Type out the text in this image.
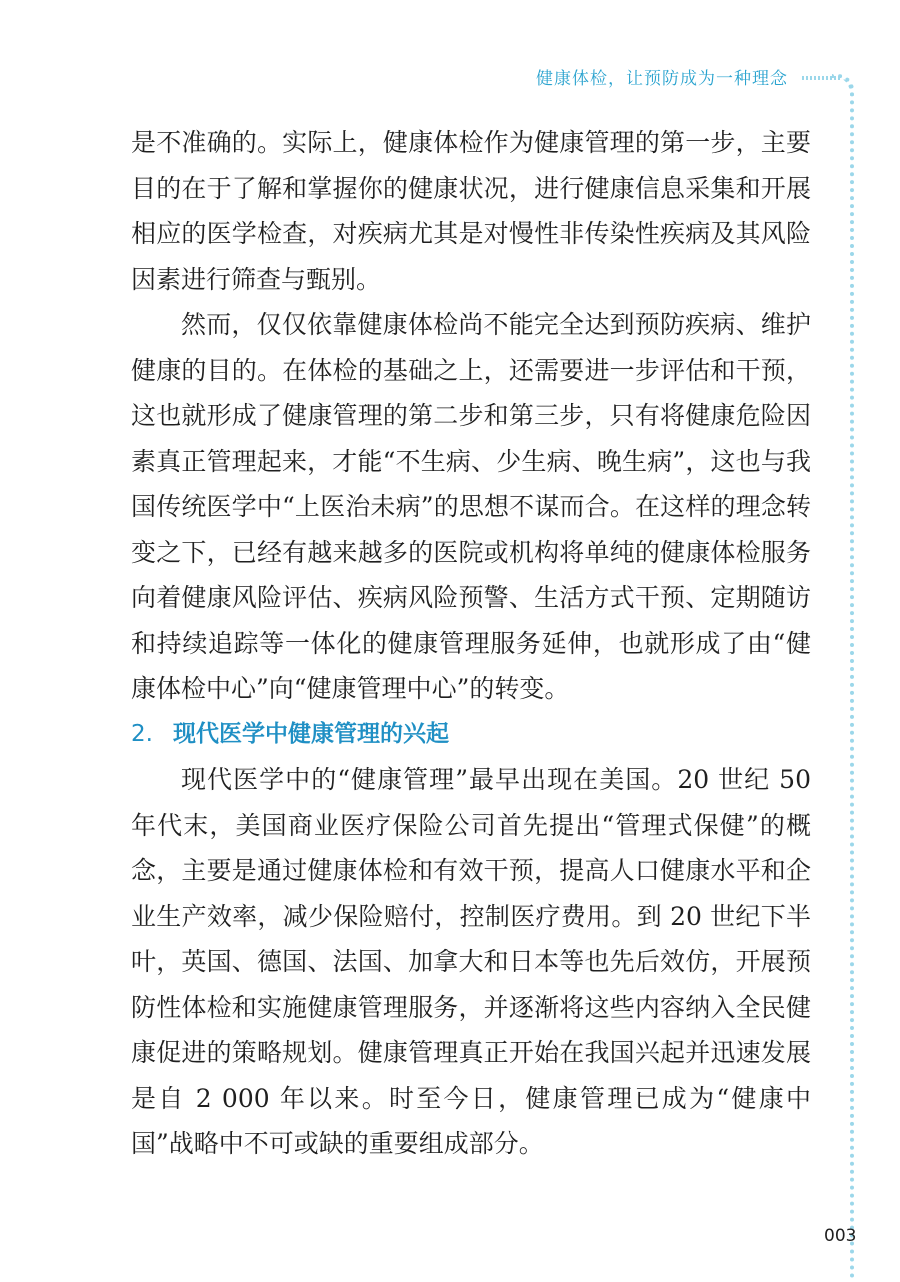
健康体检，让预防成为一种理念

是不准确的。实际上，健康体检作为健康管理的第一步，主要目的在于了解和掌握你的健康状况，进行健康信息采集和开展相应的医学检查，对疾病尤其是对慢性非传染性疾病及其风险因素进行筛查与甄别。

然而，仅仅依靠健康体检尚不能完全达到预防疾病、维护健康的目的。在体检的基础之上，还需要进一步评估和干预，这也就形成了健康管理的第二步和第三步，只有将健康危险因素真正管理起来，才能“不生病、少生病、晚生病”，这也与我国传统医学中“上医治未病”的思想不谋而合。在这样的理念转变之下，已经有越来越多的医院或机构将单纯的健康体检服务向着健康风险评估、疾病风险预警、生活方式干预、定期随访和持续追踪等一体化的健康管理服务延伸，也就形成了由“健康体检中心”向“健康管理中心”的转变。

2. 现代医学中健康管理的兴起

现代医学中的“健康管理”最早出现在美国。20 世纪 50 年代末，美国商业医疗保险公司首先提出“管理式保健”的概念，主要是通过健康体检和有效干预，提高人口健康水平和企业生产效率，减少保险赔付，控制医疗费用。到 20 世纪下半叶，英国、德国、法国、加拿大和日本等也先后效仿，开展预防性体检和实施健康管理服务，并逐渐将这些内容纳入全民健康促进的策略规划。健康管理真正开始在我国兴起并迅速发展是自 2 000 年以来。时至今日，健康管理已成为“健康中国”战略中不可或缺的重要组成部分。

003
